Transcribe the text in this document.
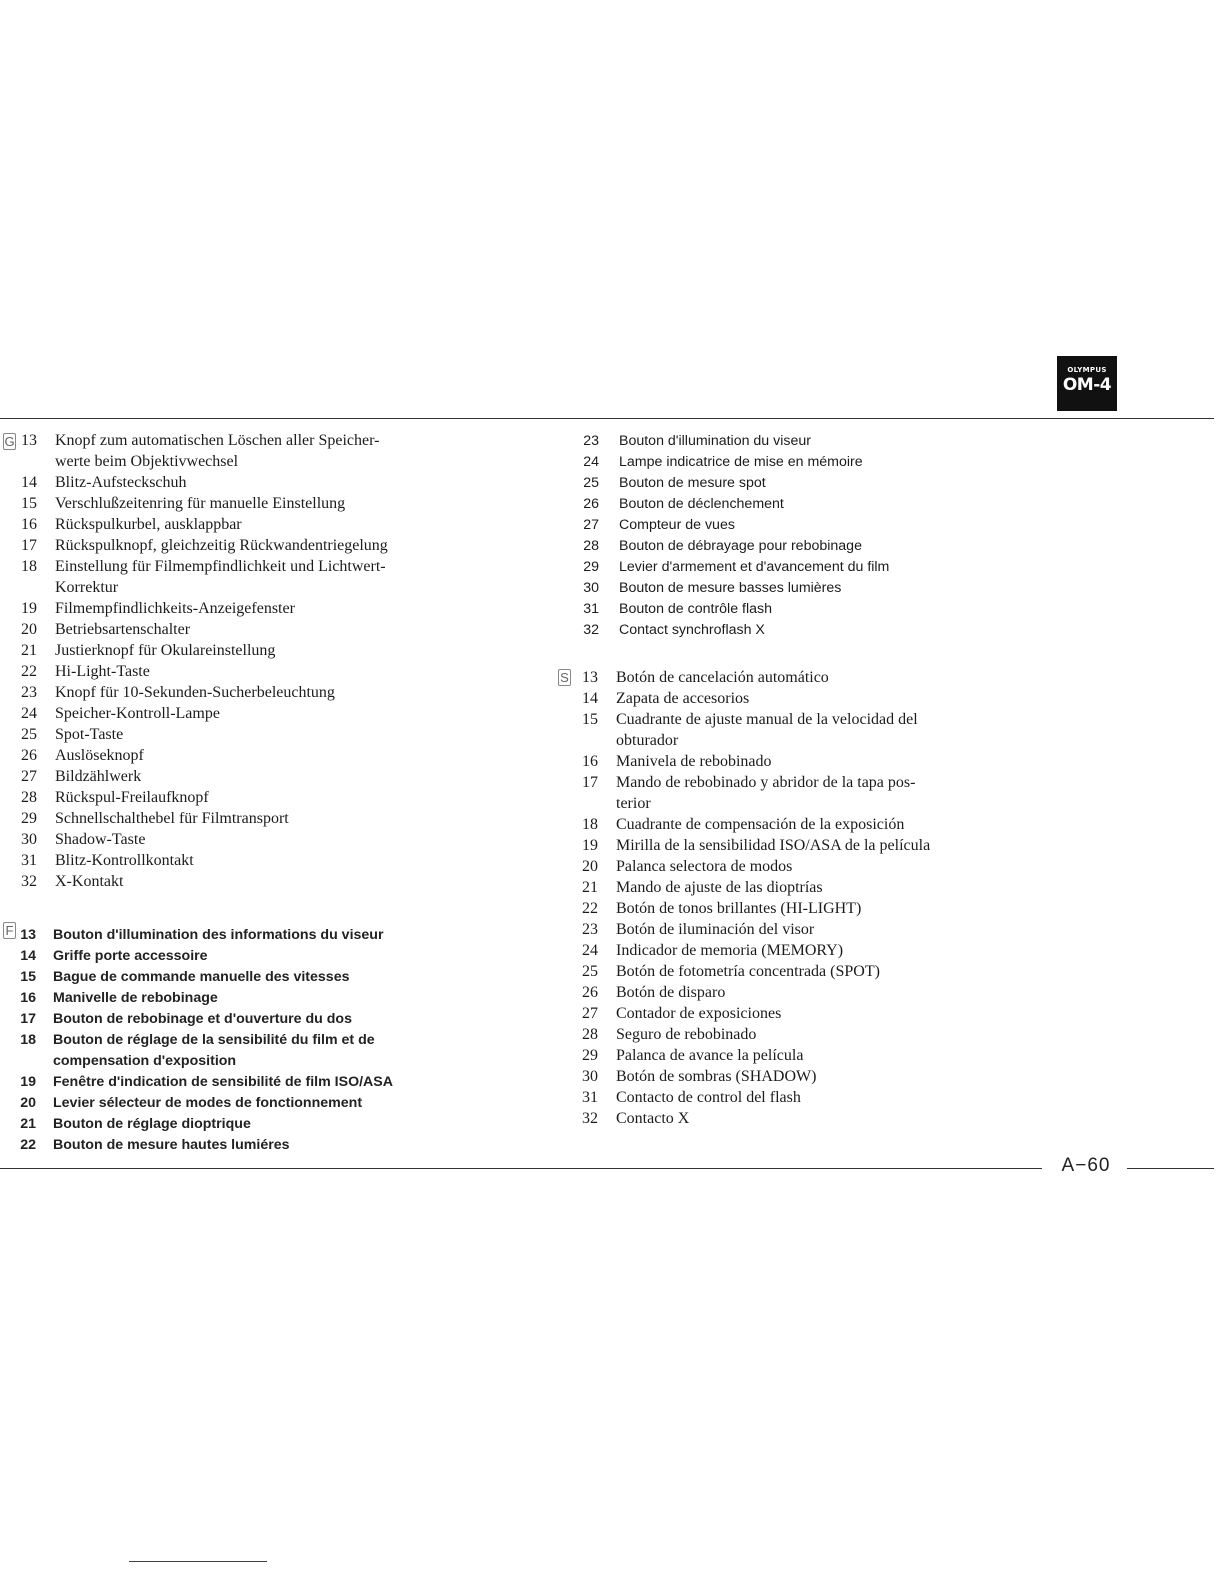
OLYMPUS
OM-4
G 13 Knopf zum automatischen Löschen aller Speicher-
werte beim Objektivwechsel
14 Blitz-Aufsteckschuh
15 Verschlußzeitenring für manuelle Einstellung
16 Rückspulkurbel, ausklappbar
17 Rückspulknopf, gleichzeitig Rückwandentriegelung
18 Einstellung für Filmempfindlichkeit und Lichtwert-
Korrektur
19 Filmempfindlichkeits-Anzeigefenster
20 Betriebsartenschalter
21 Justierknopf für Okulareinstellung
22 Hi-Light-Taste
23 Knopf für 10-Sekunden-Sucherbeleuchtung
24 Speicher-Kontroll-Lampe
25 Spot-Taste
26 Auslöseknopf
27 Bildzählwerk
28 Rückspul-Freilaufknopf
29 Schnellschalthebel für Filmtransport
30 Shadow-Taste
31 Blitz-Kontrollkontakt
32 X-Kontakt
F 13 Bouton d'illumination des informations du viseur
14 Griffe porte accessoire
15 Bague de commande manuelle des vitesses
16 Manivelle de rebobinage
17 Bouton de rebobinage et d'ouverture du dos
18 Bouton de réglage de la sensibilité du film et de
compensation d'exposition
19 Fenêtre d'indication de sensibilité de film ISO/ASA
20 Levier sélecteur de modes de fonctionnement
21 Bouton de réglage dioptrique
22 Bouton de mesure hautes lumiéres
23 Bouton d'illumination du viseur
24 Lampe indicatrice de mise en mémoire
25 Bouton de mesure spot
26 Bouton de déclenchement
27 Compteur de vues
28 Bouton de débrayage pour rebobinage
29 Levier d'armement et d'avancement du film
30 Bouton de mesure basses lumières
31 Bouton de contrôle flash
32 Contact synchroflash X
S 13 Botón de cancelación automático
14 Zapata de accesorios
15 Cuadrante de ajuste manual de la velocidad del
obturador
16 Manivela de rebobinado
17 Mando de rebobinado y abridor de la tapa pos-
terior
18 Cuadrante de compensación de la exposición
19 Mirilla de la sensibilidad ISO/ASA de la película
20 Palanca selectora de modos
21 Mando de ajuste de las dioptrías
22 Botón de tonos brillantes (HI-LIGHT)
23 Botón de iluminación del visor
24 Indicador de memoria (MEMORY)
25 Botón de fotometría concentrada (SPOT)
26 Botón de disparo
27 Contador de exposiciones
28 Seguro de rebobinado
29 Palanca de avance la película
30 Botón de sombras (SHADOW)
31 Contacto de control del flash
32 Contacto X
A−60
